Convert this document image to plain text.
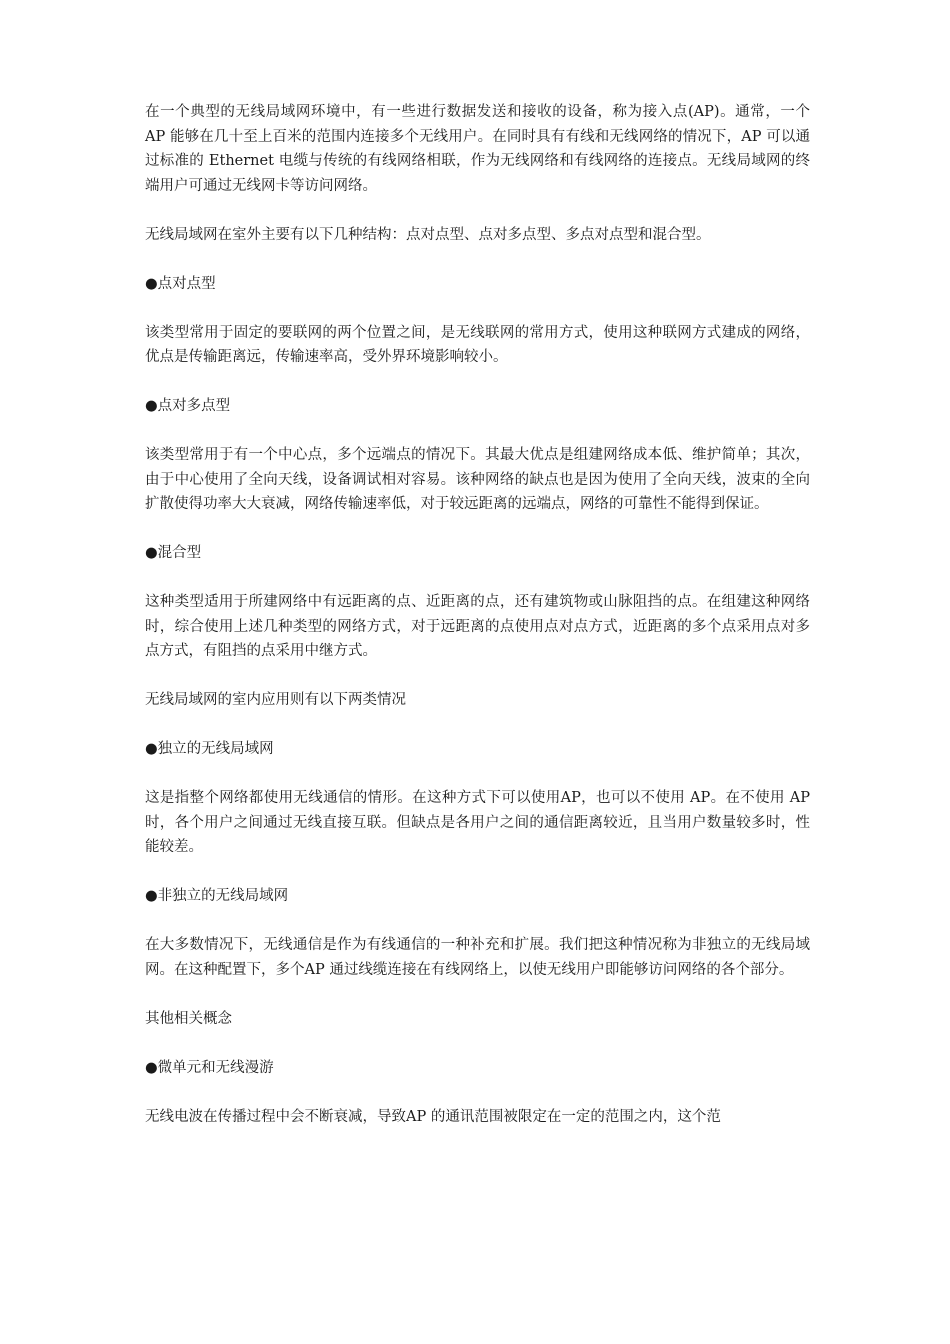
在一个典型的无线局域网环境中，有一些进行数据发送和接收的设备，称为接入点(AP)。通常，一个 AP 能够在几十至上百米的范围内连接多个无线用户。在同时具有有线和无线网络的情况下，AP 可以通过标准的 Ethernet 电缆与传统的有线网络相联，作为无线网络和有线网络的连接点。无线局域网的终端用户可通过无线网卡等访问网络。

无线局域网在室外主要有以下几种结构：点对点型、点对多点型、多点对点型和混合型。

●点对点型

该类型常用于固定的要联网的两个位置之间，是无线联网的常用方式，使用这种联网方式建成的网络，优点是传输距离远，传输速率高，受外界环境影响较小。

●点对多点型

该类型常用于有一个中心点，多个远端点的情况下。其最大优点是组建网络成本低、维护简单；其次，由于中心使用了全向天线，设备调试相对容易。该种网络的缺点也是因为使用了全向天线，波束的全向扩散使得功率大大衰减，网络传输速率低，对于较远距离的远端点，网络的可靠性不能得到保证。

●混合型

这种类型适用于所建网络中有远距离的点、近距离的点，还有建筑物或山脉阻挡的点。在组建这种网络时，综合使用上述几种类型的网络方式，对于远距离的点使用点对点方式，近距离的多个点采用点对多点方式，有阻挡的点采用中继方式。

无线局域网的室内应用则有以下两类情况

●独立的无线局域网

这是指整个网络都使用无线通信的情形。在这种方式下可以使用AP，也可以不使用 AP。在不使用 AP 时，各个用户之间通过无线直接互联。但缺点是各用户之间的通信距离较近，且当用户数量较多时，性能较差。

●非独立的无线局域网

在大多数情况下，无线通信是作为有线通信的一种补充和扩展。我们把这种情况称为非独立的无线局域网。在这种配置下，多个AP 通过线缆连接在有线网络上，以使无线用户即能够访问网络的各个部分。

其他相关概念

●微单元和无线漫游

无线电波在传播过程中会不断衰减，导致AP 的通讯范围被限定在一定的范围之内，这个范
